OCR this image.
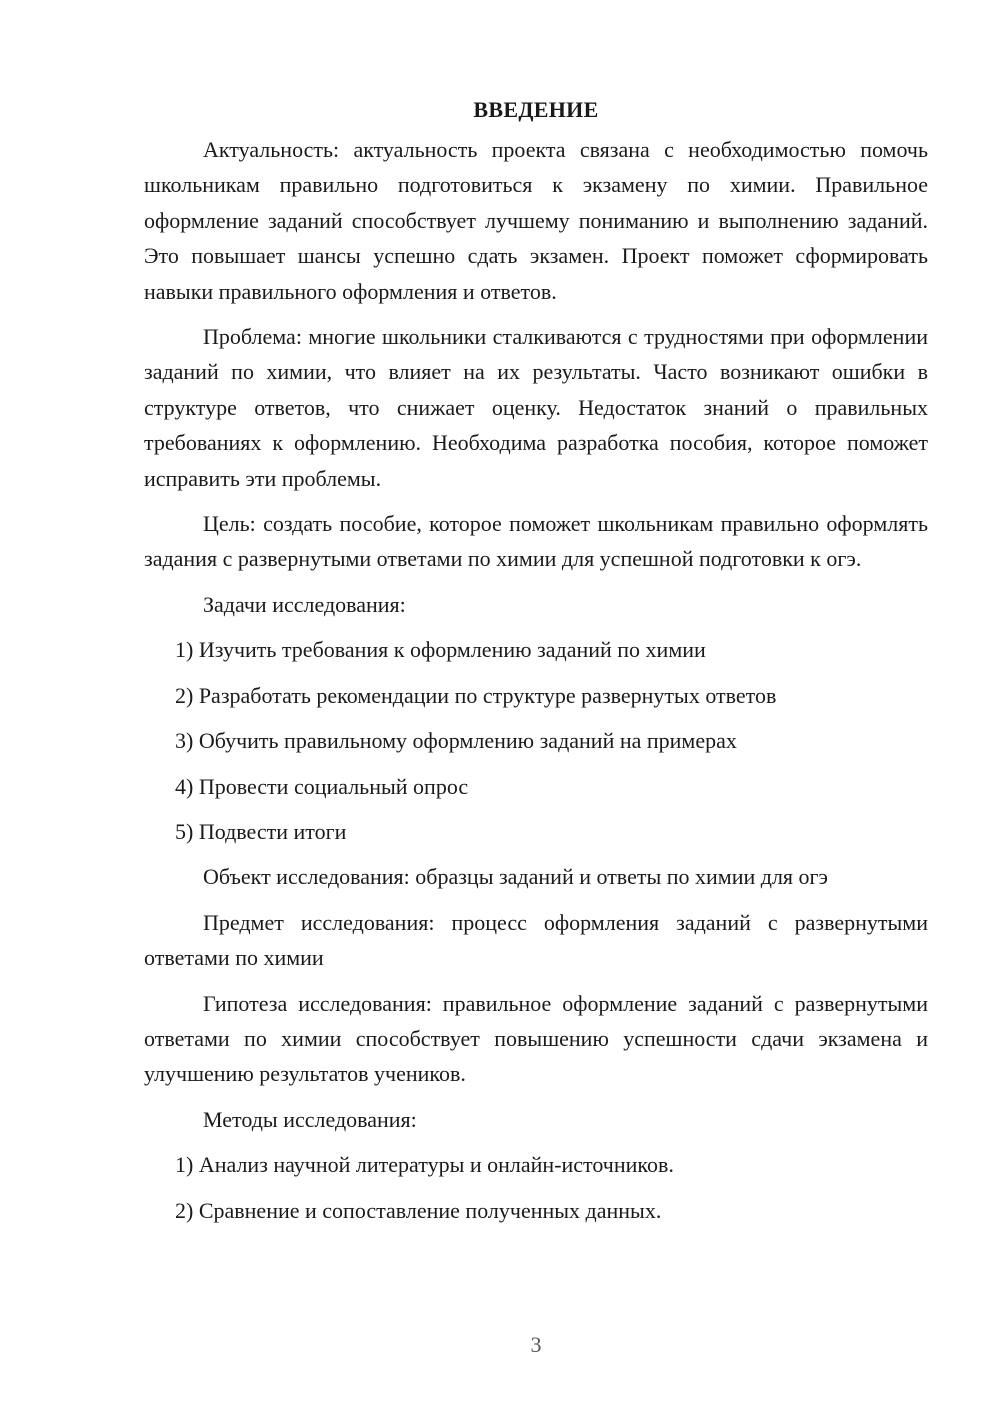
ВВЕДЕНИЕ

Актуальность: актуальность проекта связана с необходимостью помочь школьникам правильно подготовиться к экзамену по химии. Правильное оформление заданий способствует лучшему пониманию и выполнению заданий. Это повышает шансы успешно сдать экзамен. Проект поможет сформировать навыки правильного оформления и ответов.

Проблема: многие школьники сталкиваются с трудностями при оформлении заданий по химии, что влияет на их результаты. Часто возникают ошибки в структуре ответов, что снижает оценку. Недостаток знаний о правильных требованиях к оформлению. Необходима разработка пособия, которое поможет исправить эти проблемы.

Цель: создать пособие, которое поможет школьникам правильно оформлять задания с развернутыми ответами по химии для успешной подготовки к огэ.

Задачи исследования:

1) Изучить требования к оформлению заданий по химии
2) Разработать рекомендации по структуре развернутых ответов
3) Обучить правильному оформлению заданий на примерах
4) Провести социальный опрос
5) Подвести итоги

Объект исследования: образцы заданий и ответы по химии для огэ

Предмет исследования: процесс оформления заданий с развернутыми ответами по химии

Гипотеза исследования: правильное оформление заданий с развернутыми ответами по химии способствует повышению успешности сдачи экзамена и улучшению результатов учеников.

Методы исследования:

1) Анализ научной литературы и онлайн-источников.
2) Сравнение и сопоставление полученных данных.
3
